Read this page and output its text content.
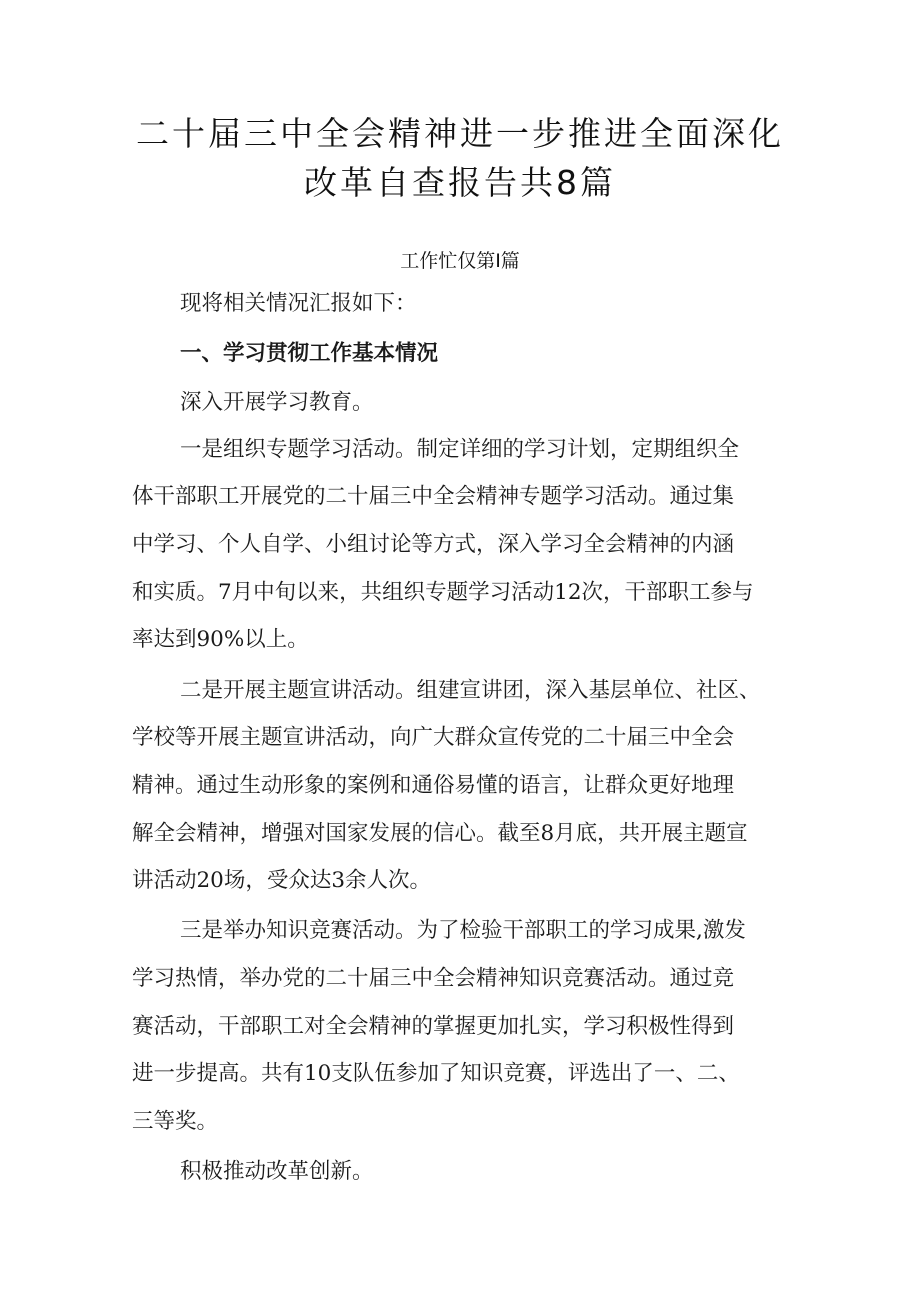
二十届三中全会精神进一步推进全面深化
改革自查报告共8篇
工作忙仅第Ⅰ篇
现将相关情况汇报如下：
一、学习贯彻工作基本情况
深入开展学习教育。
一是组织专题学习活动。制定详细的学习计划，定期组织全
体干部职工开展党的二十届三中全会精神专题学习活动。通过集
中学习、个人自学、小组讨论等方式，深入学习全会精神的内涵
和实质。7月中旬以来，共组织专题学习活动12次，干部职工参与
率达到90%以上。
二是开展主题宣讲活动。组建宣讲团，深入基层单位、社区、
学校等开展主题宣讲活动，向广大群众宣传党的二十届三中全会
精神。通过生动形象的案例和通俗易懂的语言，让群众更好地理
解全会精神，增强对国家发展的信心。截至8月底，共开展主题宣
讲活动20场，受众达3余人次。
三是举办知识竞赛活动。为了检验干部职工的学习成果,激发
学习热情，举办党的二十届三中全会精神知识竞赛活动。通过竞
赛活动，干部职工对全会精神的掌握更加扎实，学习积极性得到
进一步提高。共有10支队伍参加了知识竞赛，评选出了一、二、
三等奖。
积极推动改革创新。
